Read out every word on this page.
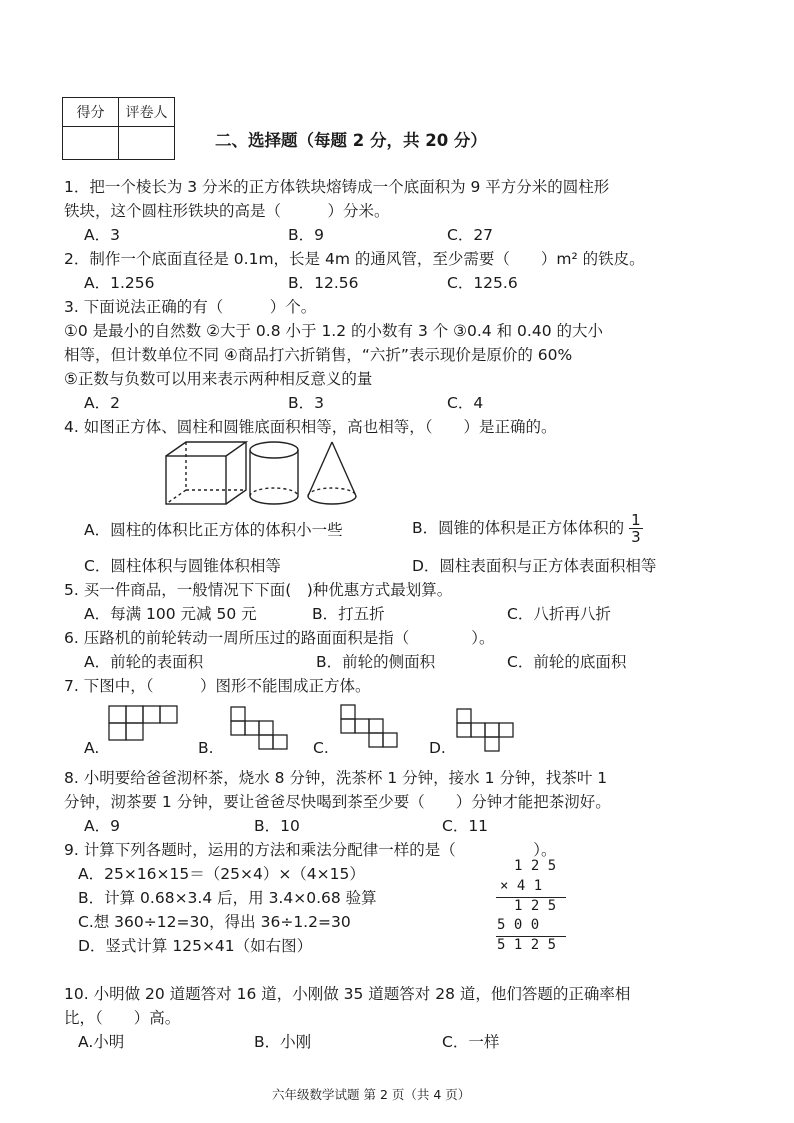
得分	评卷人

二、选择题（每题 2 分，共 20 分）
1．把一个棱长为 3 分米的正方体铁块熔铸成一个底面积为 9 平方分米的圆柱形
铁块，这个圆柱形铁块的高是（　　　）分米。
A．3	B．9	C．27
2．制作一个底面直径是 0.1m，长是 4m 的通风管，至少需要（　　）m² 的铁皮。
A．1.256	B．12.56	C．125.6
3. 下面说法正确的有（　　　）个。
①0 是最小的自然数 ②大于 0.8 小于 1.2 的小数有 3 个 ③0.4 和 0.40 的大小
相等，但计数单位不同 ④商品打六折销售，“六折”表示现价是原价的 60%
⑤正数与负数可以用来表示两种相反意义的量
A．2	B．3	C．4
4. 如图正方体、圆柱和圆锥底面积相等，高也相等，（　　）是正确的。
A．圆柱的体积比正方体的体积小一些	B．圆锥的体积是正方体体积的 $\frac{1}{3}$
C．圆柱体积与圆锥体积相等	D．圆柱表面积与正方体表面积相等
5. 买一件商品，一般情况下下面(　)种优惠方式最划算。
A．每满 100 元减 50 元	B．打五折	C．八折再八折
6. 压路机的前轮转动一周所压过的路面面积是指（　　　　）。
A．前轮的表面积	B．前轮的侧面积	C．前轮的底面积
7. 下图中，（　　　）图形不能围成正方体。
A.	B.	C.	D.
8. 小明要给爸爸沏杯茶，烧水 8 分钟，洗茶杯 1 分钟，接水 1 分钟，找茶叶 1
分钟，沏茶要 1 分钟，要让爸爸尽快喝到茶至少要（　　）分钟才能把茶沏好。
A．9	B．10	C．11
9. 计算下列各题时，运用的方法和乘法分配律一样的是（　　　　　）。
A．25×16×15＝（25×4）×（4×15）
B．计算 0.68×3.4 后，用 3.4×0.68 验算
C.想 360÷12=30，得出 36÷1.2=30
D．竖式计算 125×41（如右图）
1 2 5
× 4 1
1 2 5
5 0 0
5 1 2 5
10. 小明做 20 道题答对 16 道，小刚做 35 道题答对 28 道，他们答题的正确率相
比，（　　）高。
A.小明	B．小刚	C．一样
六年级数学试题 第 2 页（共 4 页）
